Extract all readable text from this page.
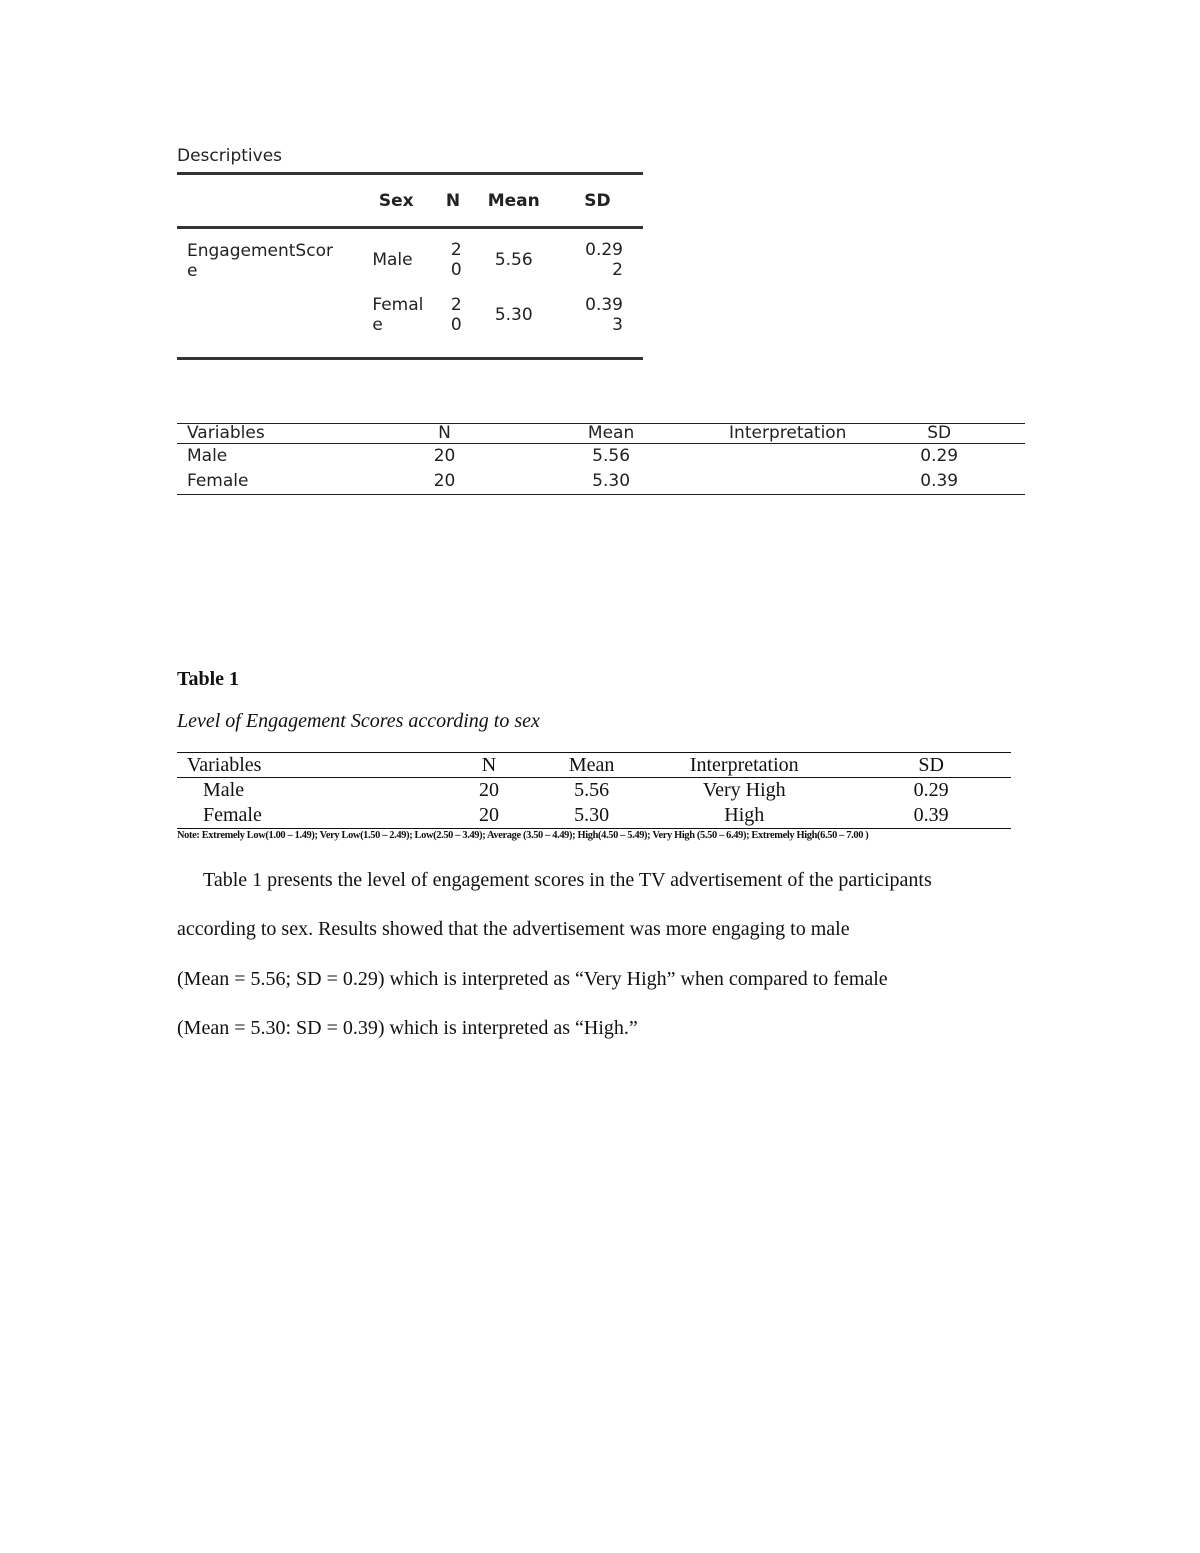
Descriptives
	Sex	N	Mean	SD

EngagementScore	Male	20	5.56	0.292

	Female	20	5.30	0.393

Variables	N	Mean	Interpretation	SD
Male	20	5.56		0.29
Female	20	5.30		0.39
Table 1
Level of Engagement Scores according to sex
Variables	N	Mean	Interpretation	SD
Male	20	5.56	Very High	0.29
Female	20	5.30	High	0.39
Note: Extremely Low(1.00 – 1.49); Very Low(1.50 – 2.49); Low(2.50 – 3.49); Average (3.50 – 4.49); High(4.50 – 5.49); Very High (5.50 – 6.49); Extremely High(6.50 – 7.00 )

Table 1 presents the level of engagement scores in the TV advertisement of the participants

according to sex. Results showed that the advertisement was more engaging to male

(Mean = 5.56; SD = 0.29) which is interpreted as “Very High” when compared to female

(Mean = 5.30: SD = 0.39) which is interpreted as “High.”
